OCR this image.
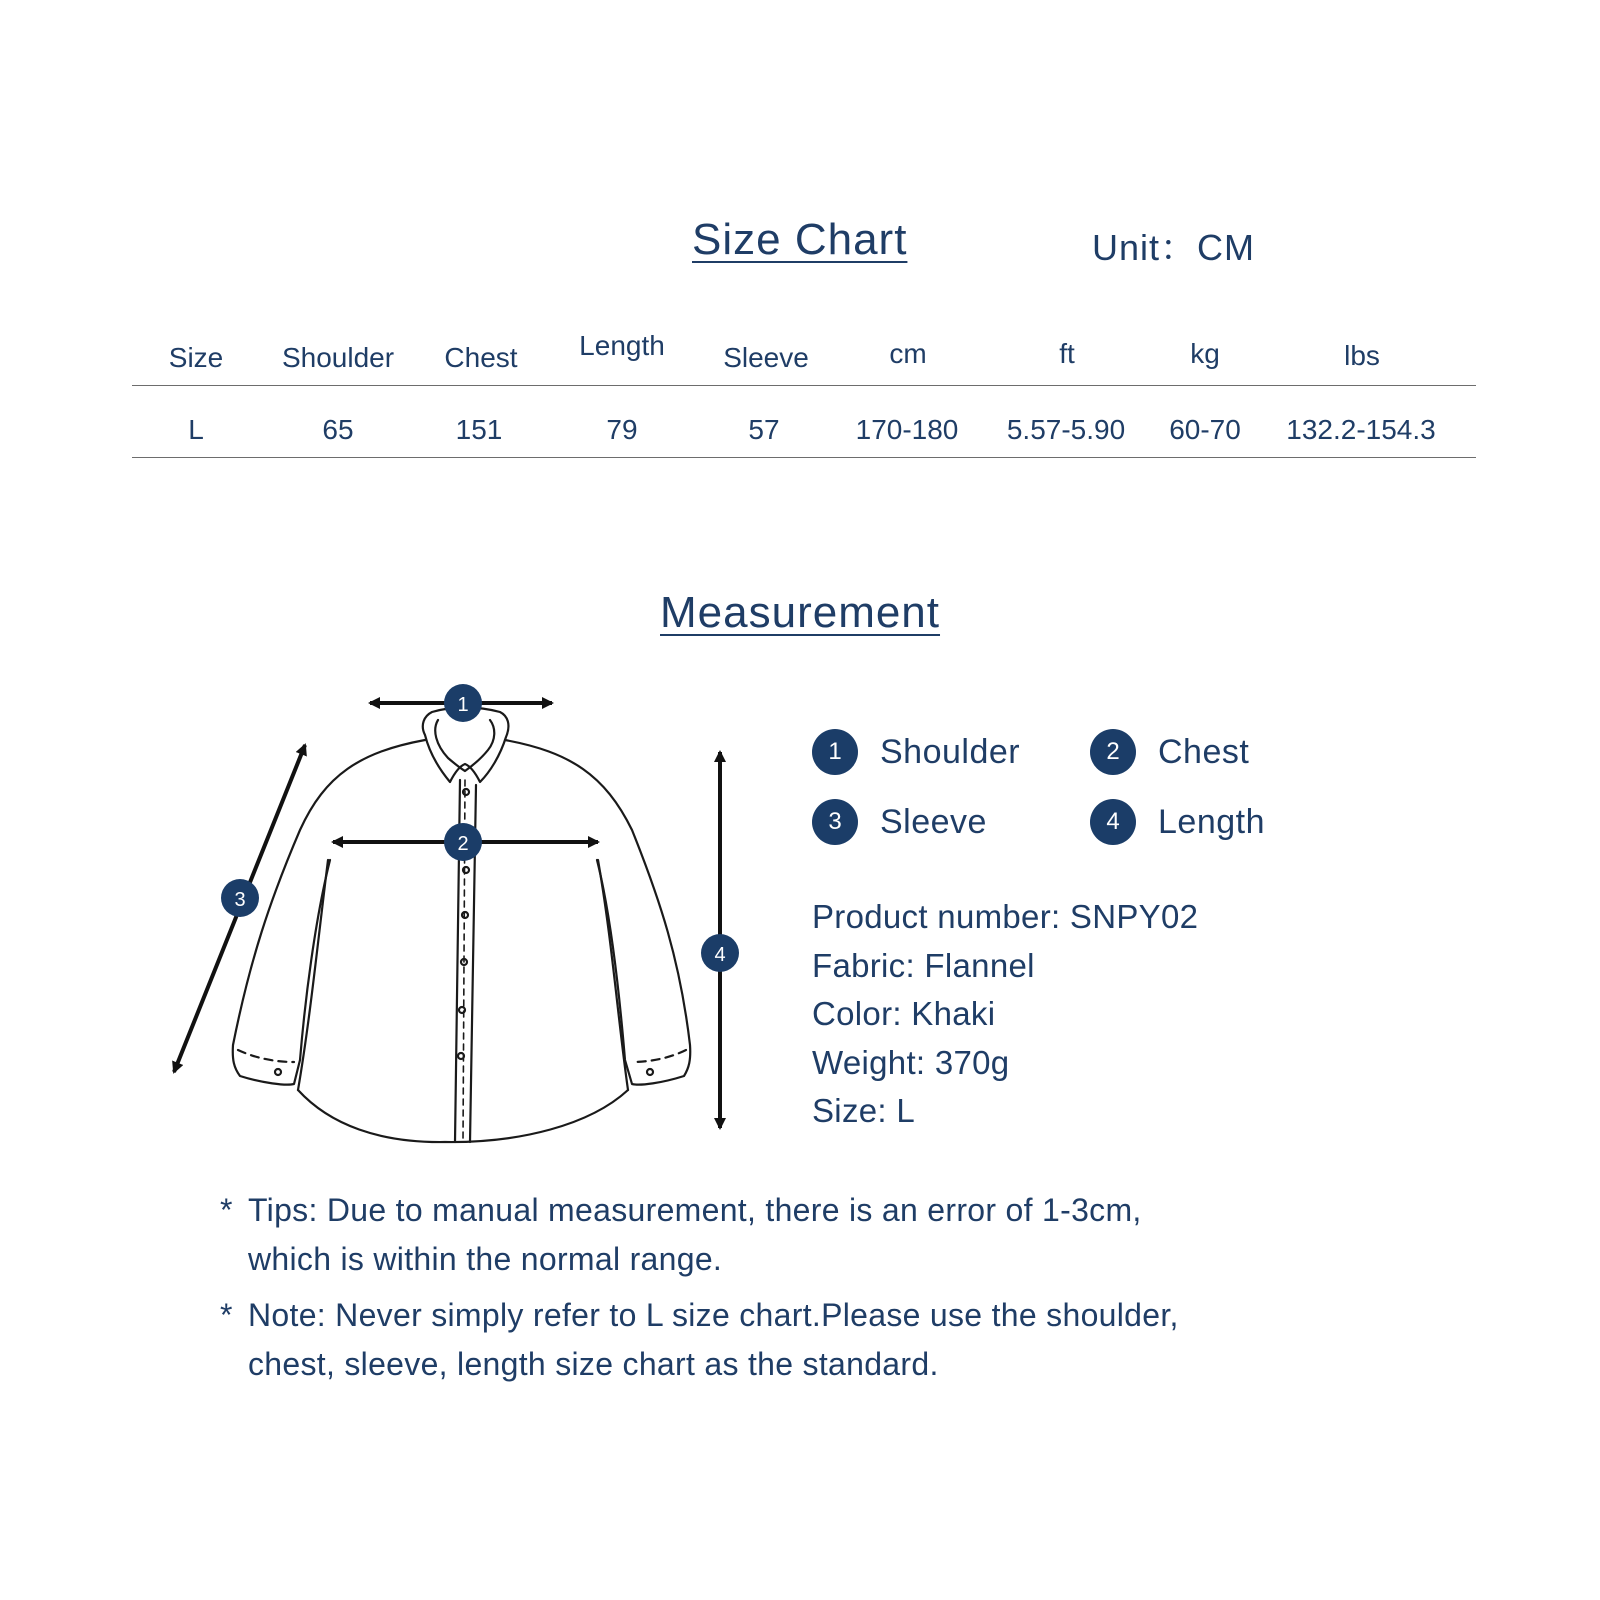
Size Chart	Unit：CM
Size Shoulder Chest Length Sleeve	cm	ft	kg	lbs
L	65	151	79	57	170-180 5.57-5.90 60-70 132.2-154.3
Measurement
1
2
3
4
1	Shoulder	2	Chest
3	Sleeve	4	Length
Product number: SNPY02
Fabric: Flannel
Color: Khaki
Weight: 370g
Size: L
* Tips: Due to manual measurement, there is an error of 1-3cm,
which is within the normal range.
* Note: Never simply refer to L size chart.Please use the shoulder,
chest, sleeve, length size chart as the standard.
